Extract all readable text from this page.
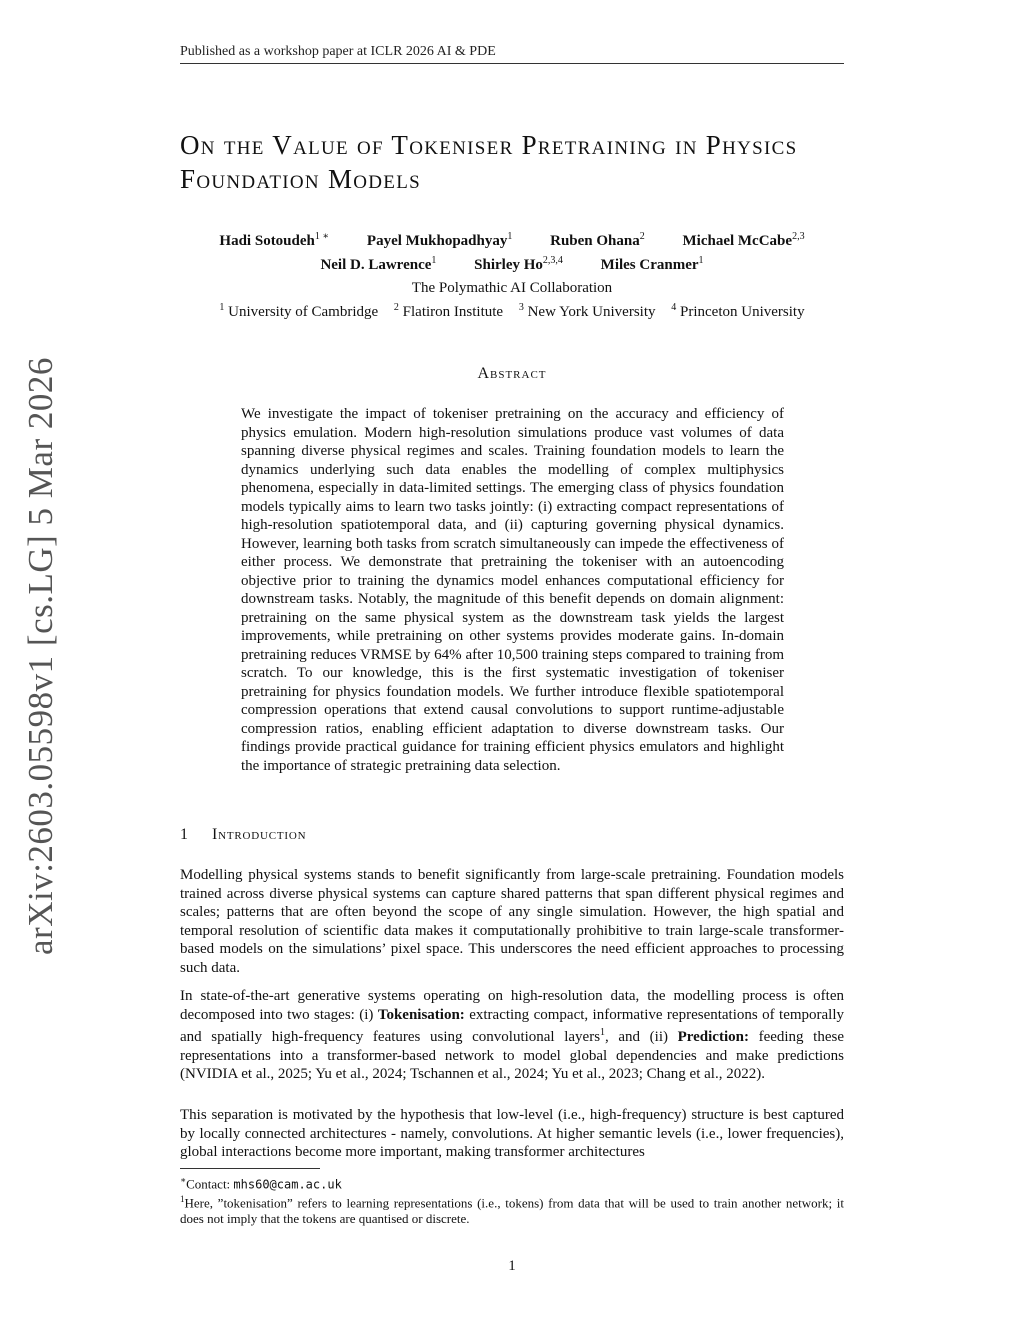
Published as a workshop paper at ICLR 2026 AI & PDE
arXiv:2603.05598v1 [cs.LG] 5 Mar 2026
On the Value of Tokeniser Pretraining in Physics Foundation Models
Hadi Sotoudeh$^{1 ∗}$	Payel Mukhopadhyay$^1$	Ruben Ohana$^2$	Michael McCabe$^{2,3}$
Neil D. Lawrence$^1$	Shirley Ho$^{2,3,4}$	Miles Cranmer$^1$
The Polymathic AI Collaboration
$^1$ University of Cambridge $^2$ Flatiron Institute $^3$ New York University $^4$ Princeton University
Abstract
We investigate the impact of tokeniser pretraining on the accuracy and efficiency of physics emulation. Modern high-resolution simulations produce vast volumes of data spanning diverse physical regimes and scales. Training foundation models to learn the dynamics underlying such data enables the modelling of complex multiphysics phenomena, especially in data-limited settings. The emerging class of physics foundation models typically aims to learn two tasks jointly: (i) extracting compact representations of high-resolution spatiotemporal data, and (ii) capturing governing physical dynamics. However, learning both tasks from scratch simultaneously can impede the effectiveness of either process. We demonstrate that pretraining the tokeniser with an autoencoding objective prior to training the dynamics model enhances computational efficiency for downstream tasks. Notably, the magnitude of this benefit depends on domain alignment: pretraining on the same physical system as the downstream task yields the largest improvements, while pretraining on other systems provides moderate gains. In-domain pretraining reduces VRMSE by 64% after 10,500 training steps compared to training from scratch. To our knowledge, this is the first systematic investigation of tokeniser pretraining for physics foundation models. We further introduce flexible spatiotemporal compression operations that extend causal convolutions to support runtime-adjustable compression ratios, enabling efficient adaptation to diverse downstream tasks. Our findings provide practical guidance for training efficient physics emulators and highlight the importance of strategic pretraining data selection.
1 Introduction

Modelling physical systems stands to benefit significantly from large-scale pretraining. Foundation models trained across diverse physical systems can capture shared patterns that span different physical regimes and scales; patterns that are often beyond the scope of any single simulation. However, the high spatial and temporal resolution of scientific data makes it computationally prohibitive to train large-scale transformer-based models on the simulations’ pixel space. This underscores the need efficient approaches to processing such data.

In state-of-the-art generative systems operating on high-resolution data, the modelling process is often decomposed into two stages: (i) Tokenisation: extracting compact, informative representations of temporally and spatially high-frequency features using convolutional layers$^1$, and (ii) Prediction: feeding these representations into a transformer-based network to model global dependencies and make predictions (NVIDIA et al., 2025; Yu et al., 2024; Tschannen et al., 2024; Yu et al., 2023; Chang et al., 2022).

This separation is motivated by the hypothesis that low-level (i.e., high-frequency) structure is best captured by locally connected architectures - namely, convolutions. At higher semantic levels (i.e., lower frequencies), global interactions become more important, making transformer architectures

∗Contact: mhs60@cam.ac.uk
$^1$Here, ”tokenisation” refers to learning representations (i.e., tokens) from data that will be used to train another network; it does not imply that the tokens are quantised or discrete.
1
